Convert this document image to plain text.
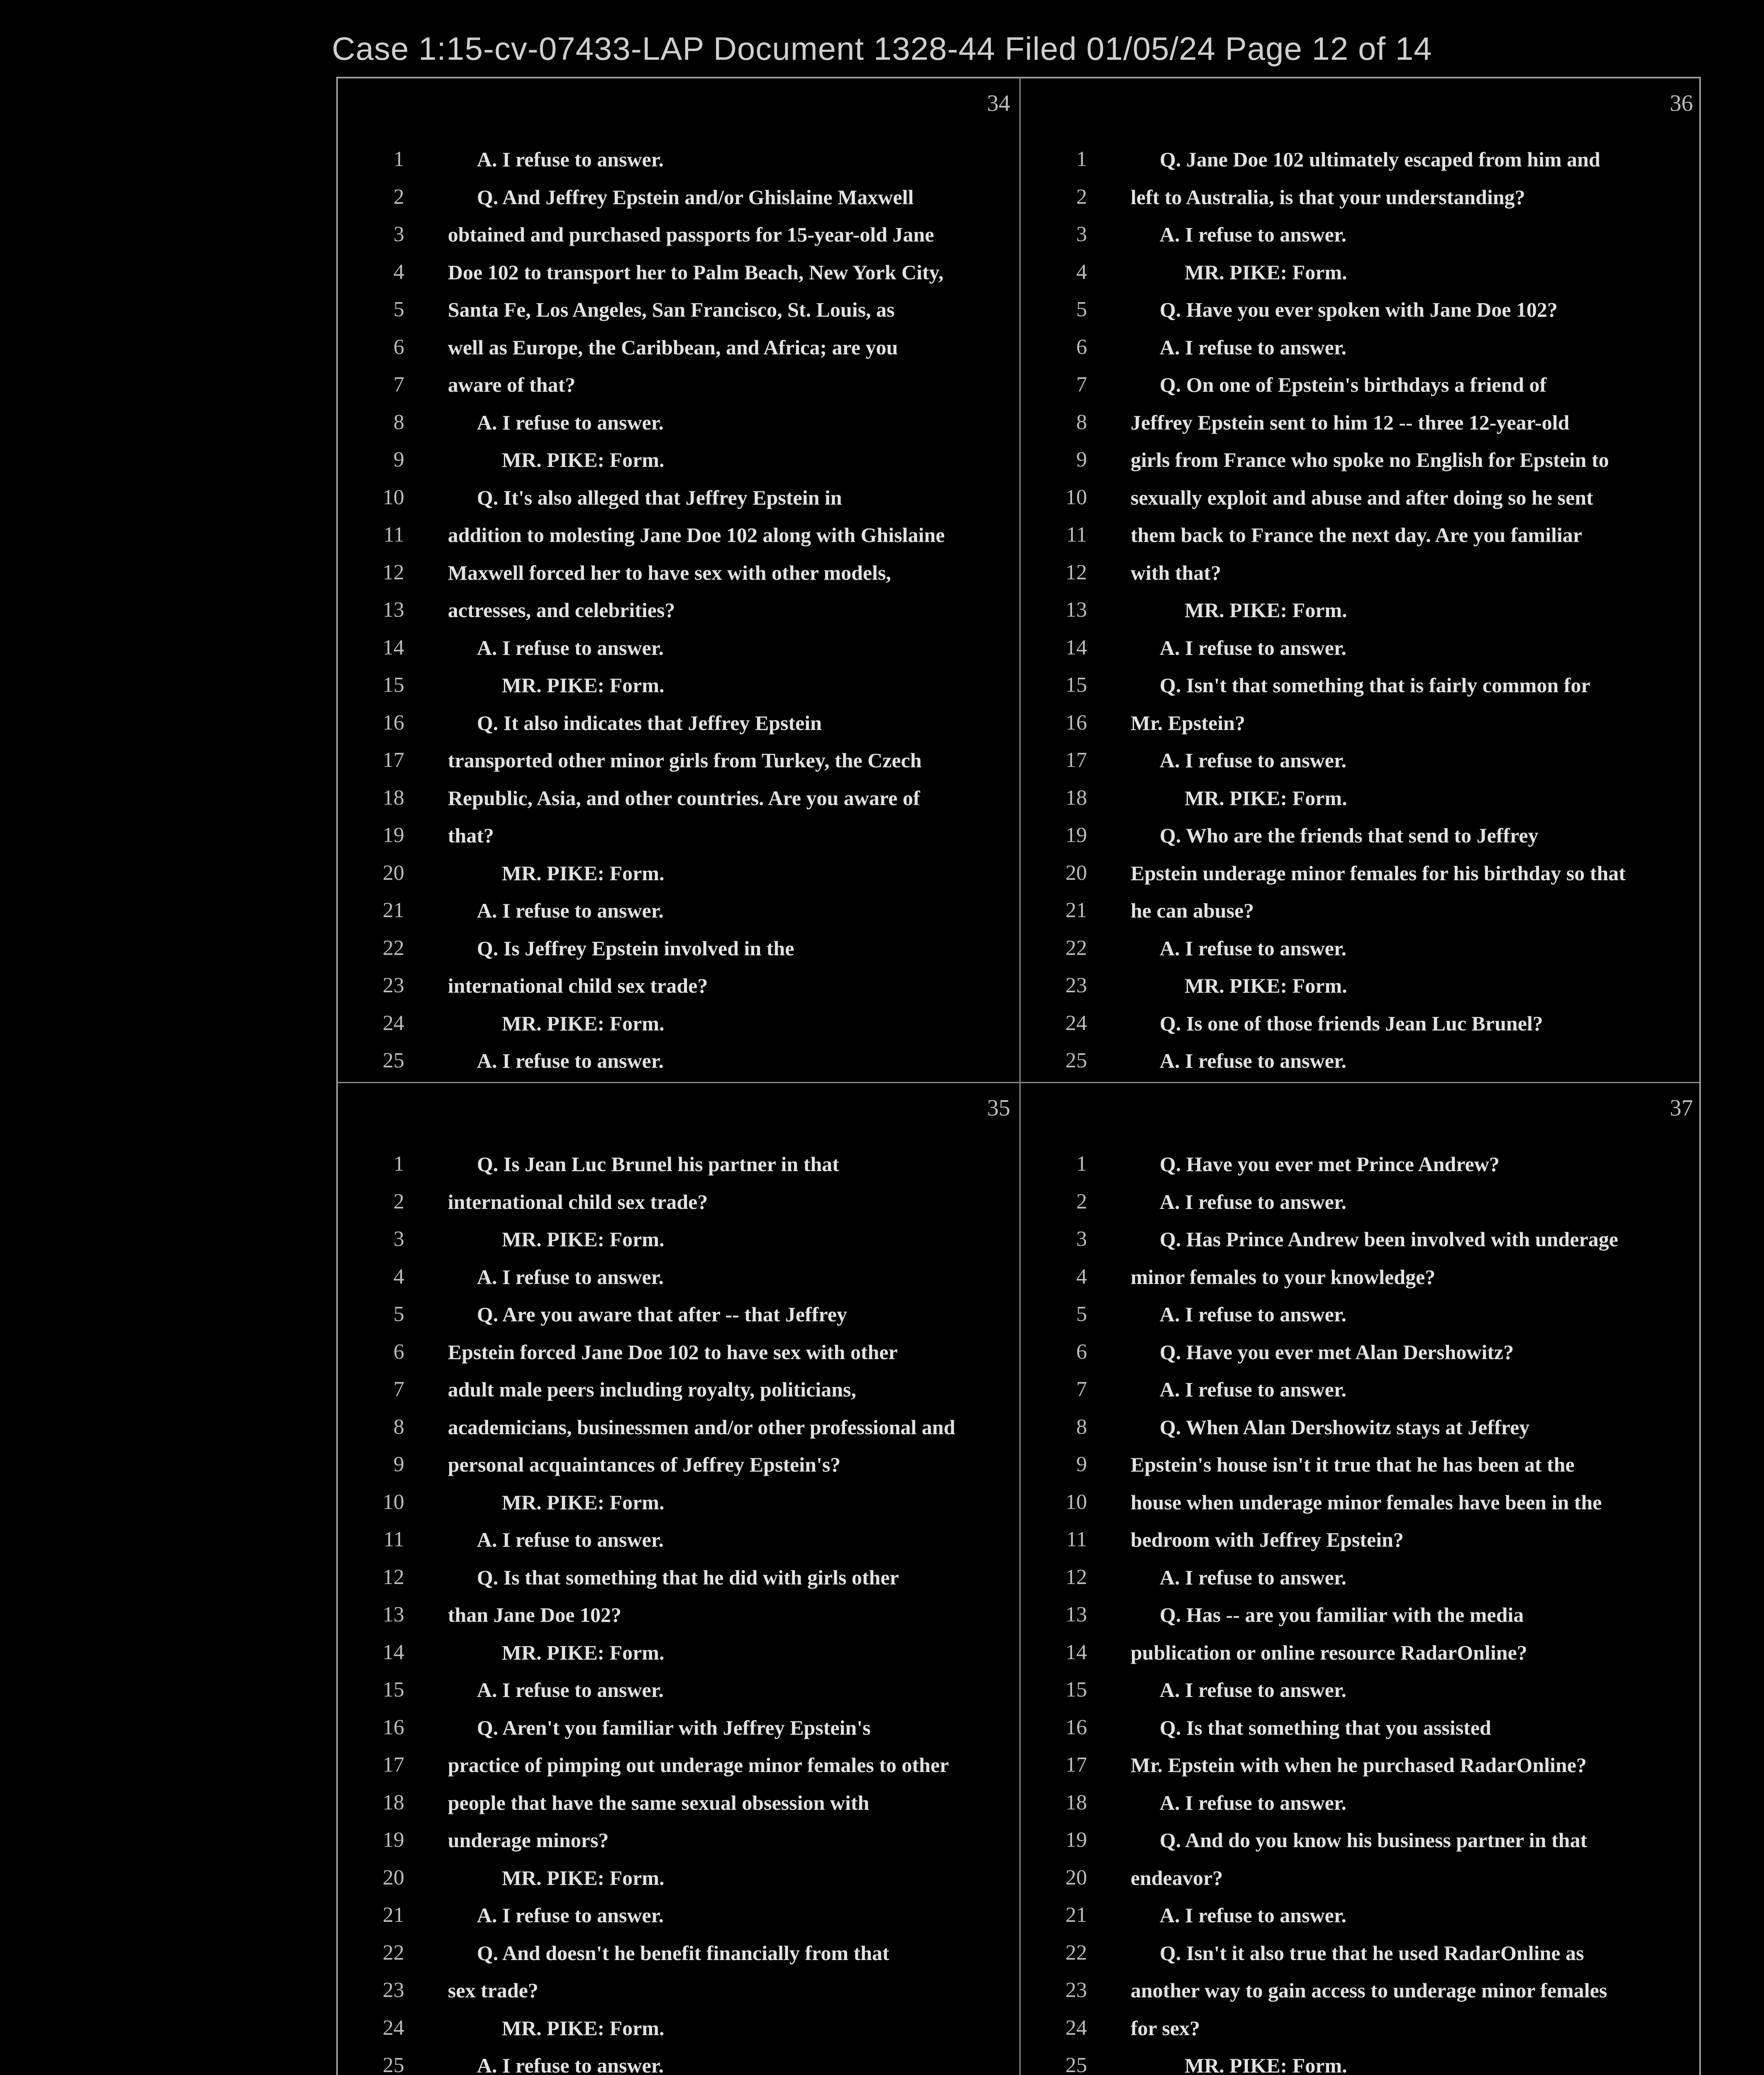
Case 1:15-cv-07433-LAP Document 1328-44 Filed 01/05/24 Page 12 of 14
34
1	A. I refuse to answer.
2	Q. And Jeffrey Epstein and/or Ghislaine Maxwell
3 obtained and purchased passports for 15-year-old Jane
4 Doe 102 to transport her to Palm Beach, New York City,
5 Santa Fe, Los Angeles, San Francisco, St. Louis, as
6 well as Europe, the Caribbean, and Africa; are you
7 aware of that?
8	A. I refuse to answer.
9	MR. PIKE: Form.
10	Q. It's also alleged that Jeffrey Epstein in
11 addition to molesting Jane Doe 102 along with Ghislaine
12 Maxwell forced her to have sex with other models,
13 actresses, and celebrities?
14	A. I refuse to answer.
15	MR. PIKE: Form.
16	Q. It also indicates that Jeffrey Epstein
17 transported other minor girls from Turkey, the Czech
18 Republic, Asia, and other countries. Are you aware of
19 that?
20	MR. PIKE: Form.
21	A. I refuse to answer.
22	Q. Is Jeffrey Epstein involved in the
23 international child sex trade?
24	MR. PIKE: Form.
25	A. I refuse to answer.
36
1	Q. Jane Doe 102 ultimately escaped from him and
2 left to Australia, is that your understanding?
3	A. I refuse to answer.
4	MR. PIKE: Form.
5	Q. Have you ever spoken with Jane Doe 102?
6	A. I refuse to answer.
7	Q. On one of Epstein's birthdays a friend of
8 Jeffrey Epstein sent to him 12 -- three 12-year-old
9 girls from France who spoke no English for Epstein to
10 sexually exploit and abuse and after doing so he sent
11 them back to France the next day. Are you familiar
12 with that?
13	MR. PIKE: Form.
14	A. I refuse to answer.
15	Q. Isn't that something that is fairly common for
16 Mr. Epstein?
17	A. I refuse to answer.
18	MR. PIKE: Form.
19	Q. Who are the friends that send to Jeffrey
20 Epstein underage minor females for his birthday so that
21 he can abuse?
22	A. I refuse to answer.
23	MR. PIKE: Form.
24	Q. Is one of those friends Jean Luc Brunel?
25	A. I refuse to answer.
35
1	Q. Is Jean Luc Brunel his partner in that
2 international child sex trade?
3	MR. PIKE: Form.
4	A. I refuse to answer.
5	Q. Are you aware that after -- that Jeffrey
6 Epstein forced Jane Doe 102 to have sex with other
7 adult male peers including royalty, politicians,
8 academicians, businessmen and/or other professional and
9 personal acquaintances of Jeffrey Epstein's?
10	MR. PIKE: Form.
11	A. I refuse to answer.
12	Q. Is that something that he did with girls other
13 than Jane Doe 102?
14	MR. PIKE: Form.
15	A. I refuse to answer.
16	Q. Aren't you familiar with Jeffrey Epstein's
17 practice of pimping out underage minor females to other
18 people that have the same sexual obsession with
19 underage minors?
20	MR. PIKE: Form.
21	A. I refuse to answer.
22	Q. And doesn't he benefit financially from that
23 sex trade?
24	MR. PIKE: Form.
25	A. I refuse to answer.
37
1	Q. Have you ever met Prince Andrew?
2	A. I refuse to answer.
3	Q. Has Prince Andrew been involved with underage
4 minor females to your knowledge?
5	A. I refuse to answer.
6	Q. Have you ever met Alan Dershowitz?
7	A. I refuse to answer.
8	Q. When Alan Dershowitz stays at Jeffrey
9 Epstein's house isn't it true that he has been at the
10 house when underage minor females have been in the
11 bedroom with Jeffrey Epstein?
12	A. I refuse to answer.
13	Q. Has -- are you familiar with the media
14 publication or online resource RadarOnline?
15	A. I refuse to answer.
16	Q. Is that something that you assisted
17 Mr. Epstein with when he purchased RadarOnline?
18	A. I refuse to answer.
19	Q. And do you know his business partner in that
20 endeavor?
21	A. I refuse to answer.
22	Q. Isn't it also true that he used RadarOnline as
23 another way to gain access to underage minor females
24 for sex?
25	MR. PIKE: Form.
